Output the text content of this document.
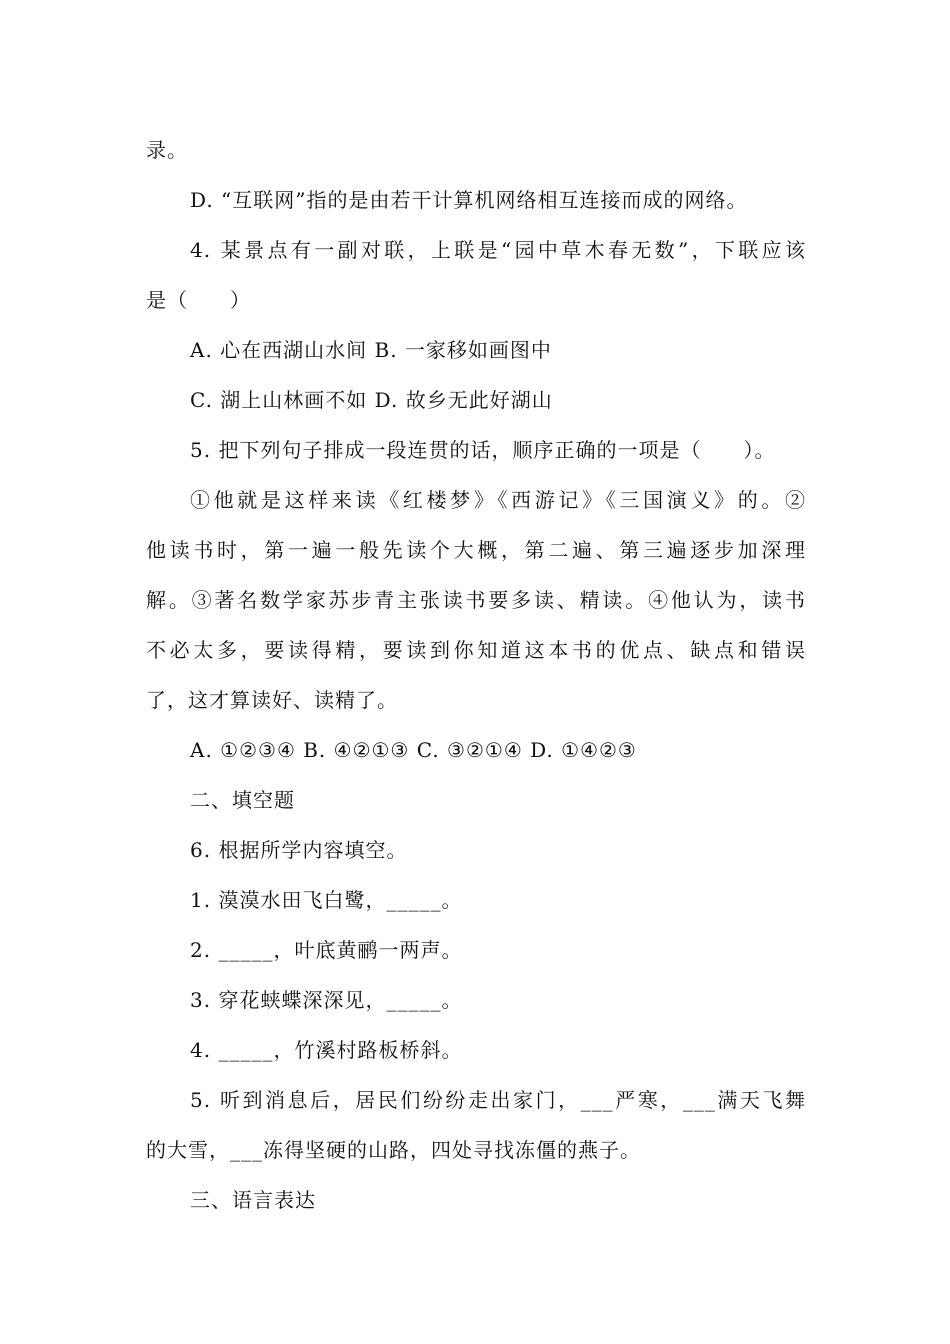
录。
D. “互联网”指的是由若干计算机网络相互连接而成的网络。
4. 某景点有一副对联，上联是“园中草木春无数”，下联应该
是（　　）
A. 心在西湖山水间 B. 一家移如画图中
C. 湖上山林画不如 D. 故乡无此好湖山
5. 把下列句子排成一段连贯的话，顺序正确的一项是（　　）。
①他就是这样来读《红楼梦》《西游记》《三国演义》的。②
他读书时，第一遍一般先读个大概，第二遍、第三遍逐步加深理
解。③著名数学家苏步青主张读书要多读、精读。④他认为，读书
不必太多，要读得精，要读到你知道这本书的优点、缺点和错误
了，这才算读好、读精了。
A. ①②③④ B. ④②①③ C. ③②①④ D. ①④②③
二、填空题
6. 根据所学内容填空。
1. 漠漠水田飞白鹭，_____。
2. _____，叶底黄鹂一两声。
3. 穿花蛱蝶深深见，_____。
4. _____，竹溪村路板桥斜。
5. 听到消息后，居民们纷纷走出家门，___严寒，___满天飞舞
的大雪，___冻得坚硬的山路，四处寻找冻僵的燕子。
三、语言表达
